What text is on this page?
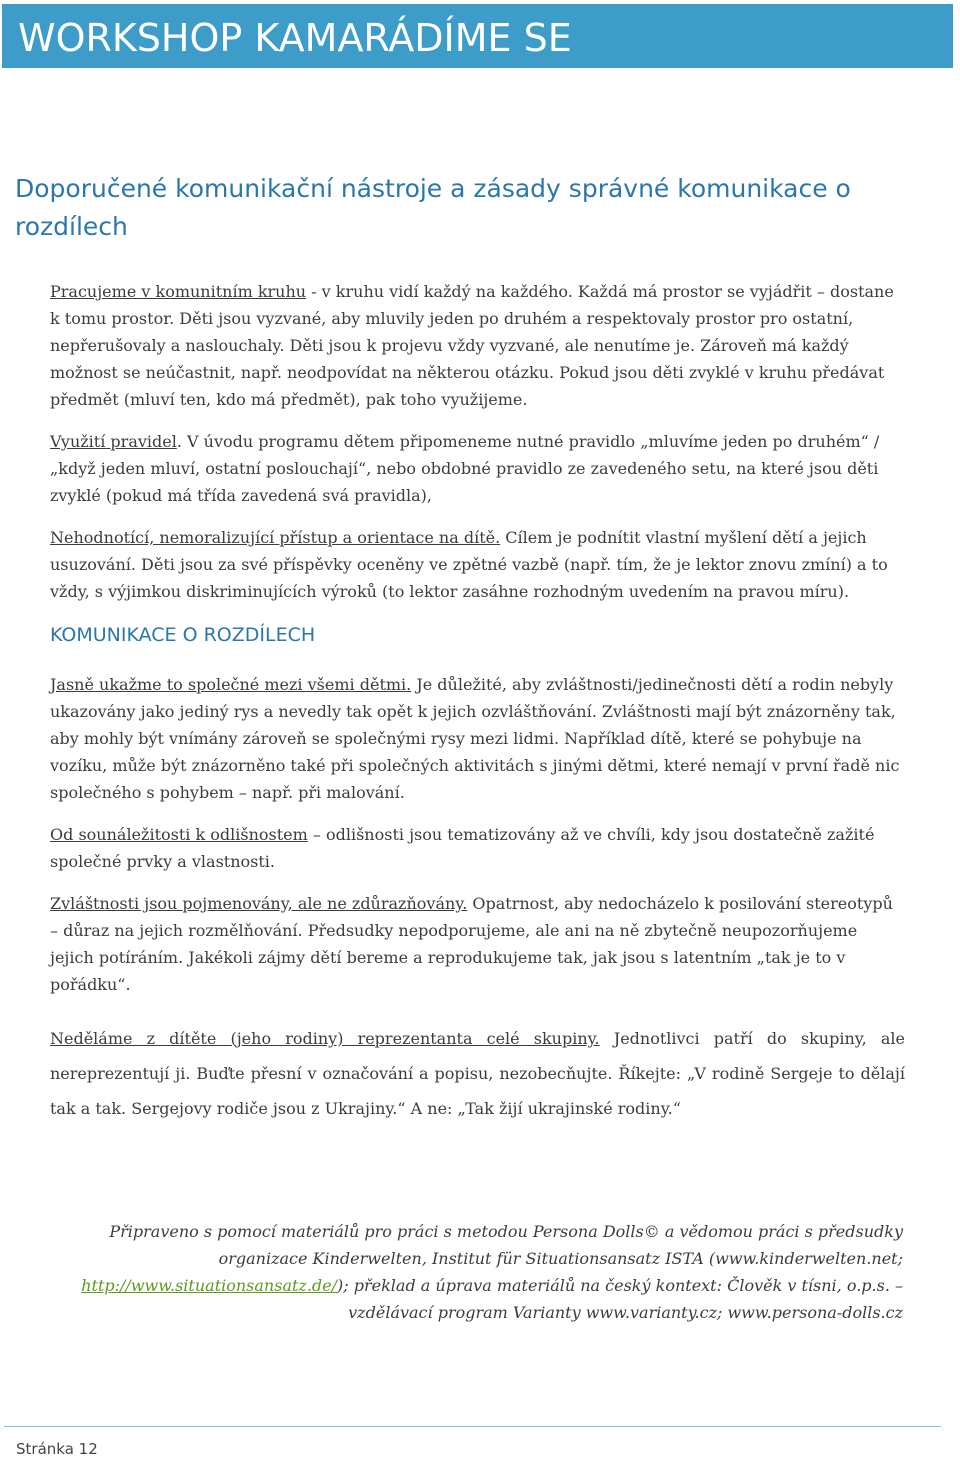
WORKSHOP KAMARÁDÍME SE
Doporučené komunikační nástroje a zásady správné komunikace o rozdílech

Pracujeme v komunitním kruhu - v kruhu vidí každý na každého. Každá má prostor se vyjádřit – dostane k tomu prostor. Děti jsou vyzvané, aby mluvily jeden po druhém a respektovaly prostor pro ostatní, nepřerušovaly a naslouchaly. Děti jsou k projevu vždy vyzvané, ale nenutíme je. Zároveň má každý možnost se neúčastnit, např. neodpovídat na některou otázku. Pokud jsou děti zvyklé v kruhu předávat předmět (mluví ten, kdo má předmět), pak toho využijeme.

Využití pravidel. V úvodu programu dětem připomeneme nutné pravidlo „mluvíme jeden po druhém“ / „když jeden mluví, ostatní poslouchají“, nebo obdobné pravidlo ze zavedeného setu, na které jsou děti zvyklé (pokud má třída zavedená svá pravidla),

Nehodnotící, nemoralizující přístup a orientace na dítě. Cílem je podnítit vlastní myšlení dětí a jejich usuzování. Děti jsou za své příspěvky oceněny ve zpětné vazbě (např. tím, že je lektor znovu zmíní) a to vždy, s výjimkou diskriminujících výroků (to lektor zasáhne rozhodným uvedením na pravou míru).

KOMUNIKACE O ROZDÍLECH

Jasně ukažme to společné mezi všemi dětmi. Je důležité, aby zvláštnosti/jedinečnosti dětí a rodin nebyly ukazovány jako jediný rys a nevedly tak opět k jejich ozvláštňování. Zvláštnosti mají být znázorněny tak, aby mohly být vnímány zároveň se společnými rysy mezi lidmi. Například dítě, které se pohybuje na vozíku, může být znázorněno také při společných aktivitách s jinými dětmi, které nemají v první řadě nic společného s pohybem – např. při malování.

Od sounáležitosti k odlišnostem – odlišnosti jsou tematizovány až ve chvíli, kdy jsou dostatečně zažité společné prvky a vlastnosti.

Zvláštnosti jsou pojmenovány, ale ne zdůrazňovány. Opatrnost, aby nedocházelo k posilování stereotypů – důraz na jejich rozmělňování. Předsudky nepodporujeme, ale ani na ně zbytečně neupozorňujeme jejich potíráním. Jakékoli zájmy dětí bereme a reprodukujeme tak, jak jsou s latentním „tak je to v pořádku“.

Neděláme z dítěte (jeho rodiny) reprezentanta celé skupiny. Jednotlivci patří do skupiny, ale nereprezentují ji. Buďte přesní v označování a popisu, nezobecňujte. Říkejte: „V rodině Sergeje to dělají tak a tak. Sergejovy rodiče jsou z Ukrajiny.“ A ne: „Tak žijí ukrajinské rodiny.“

Připraveno s pomocí materiálů pro práci s metodou Persona Dolls© a vědomou práci s předsudky organizace Kinderwelten, Institut für Situationsansatz ISTA (www.kinderwelten.net; http://www.situationsansatz.de/); překlad a úprava materiálů na český kontext: Člověk v tísni, o.p.s. – vzdělávací program Varianty www.varianty.cz; www.persona-dolls.cz

Stránka 12
